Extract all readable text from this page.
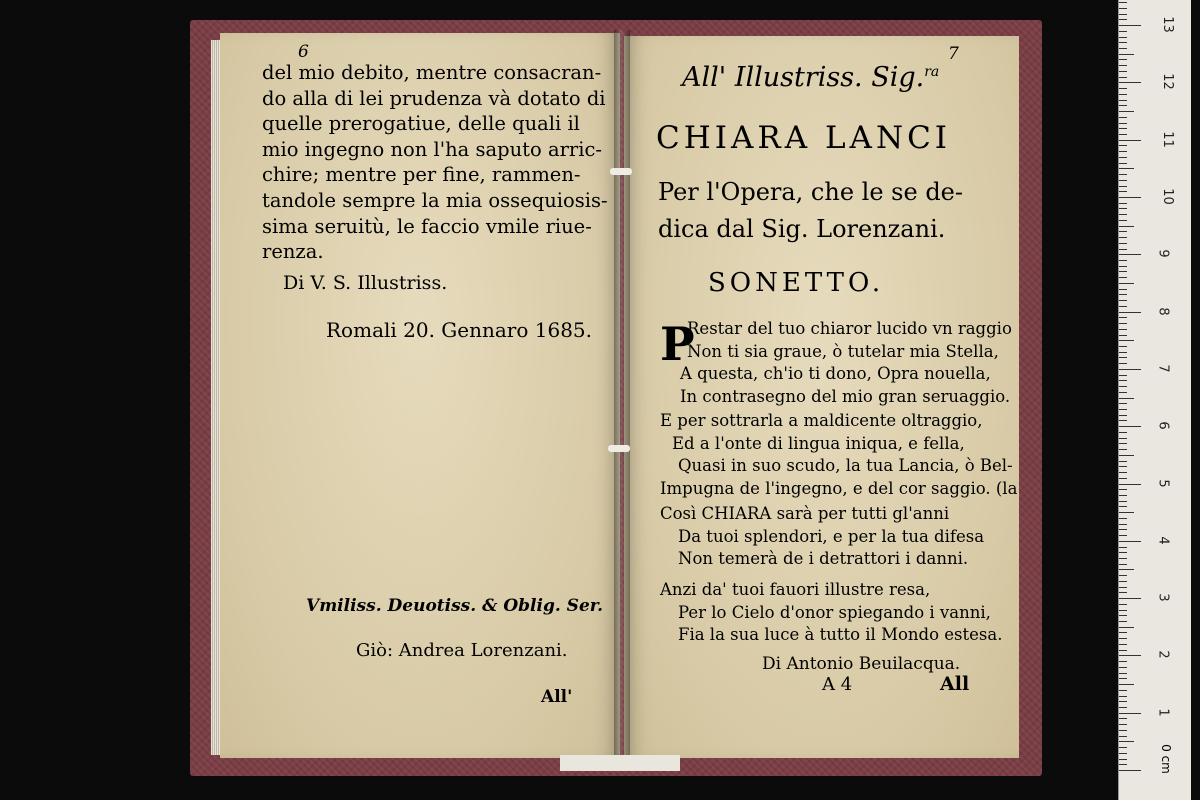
6
del mio debito, mentre consacran-
do alla di lei prudenza và dotato di
quelle prerogatiue, delle quali il
mio ingegno non l'ha saputo arric-
chire; mentre per fine, rammen-
tandole sempre la mia ossequiosis-
sima seruitù, le faccio vmile riue-
renza.
Di V. S. Illustriss.
Romali 20. Gennaro 1685.
Vmiliss. Deuotiss. & Oblig. Ser.
Giò: Andrea Lorenzani.
All'
7
All' Illustriss. Sig.$^{ra}$
CHIARA LANCI
Per l'Opera, che le se de-
dica dal Sig. Lorenzani.
SONETTO.
P
Restar del tuo chiaror lucido vn raggio
Non ti sia graue, ò tutelar mia Stella,
A questa, ch'io ti dono, Opra nouella,
In contrasegno del mio gran seruaggio.
E per sottrarla a maldicente oltraggio,
Ed a l'onte di lingua iniqua, e fella,
Quasi in suo scudo, la tua Lancia, ò Bel-
Impugna de l'ingegno, e del cor saggio. (la
Così CHIARA sarà per tutti gl'anni
Da tuoi splendori, e per la tua difesa
Non temerà de i detrattori i danni.
Anzi da' tuoi fauori illustre resa,
Per lo Cielo d'onor spiegando i vanni,
Fia la sua luce à tutto il Mondo estesa.
Di Antonio Beuilacqua.
A 4	All
0 cm
1
2
3
4
5
6
7
8
9
10
11
12
13
